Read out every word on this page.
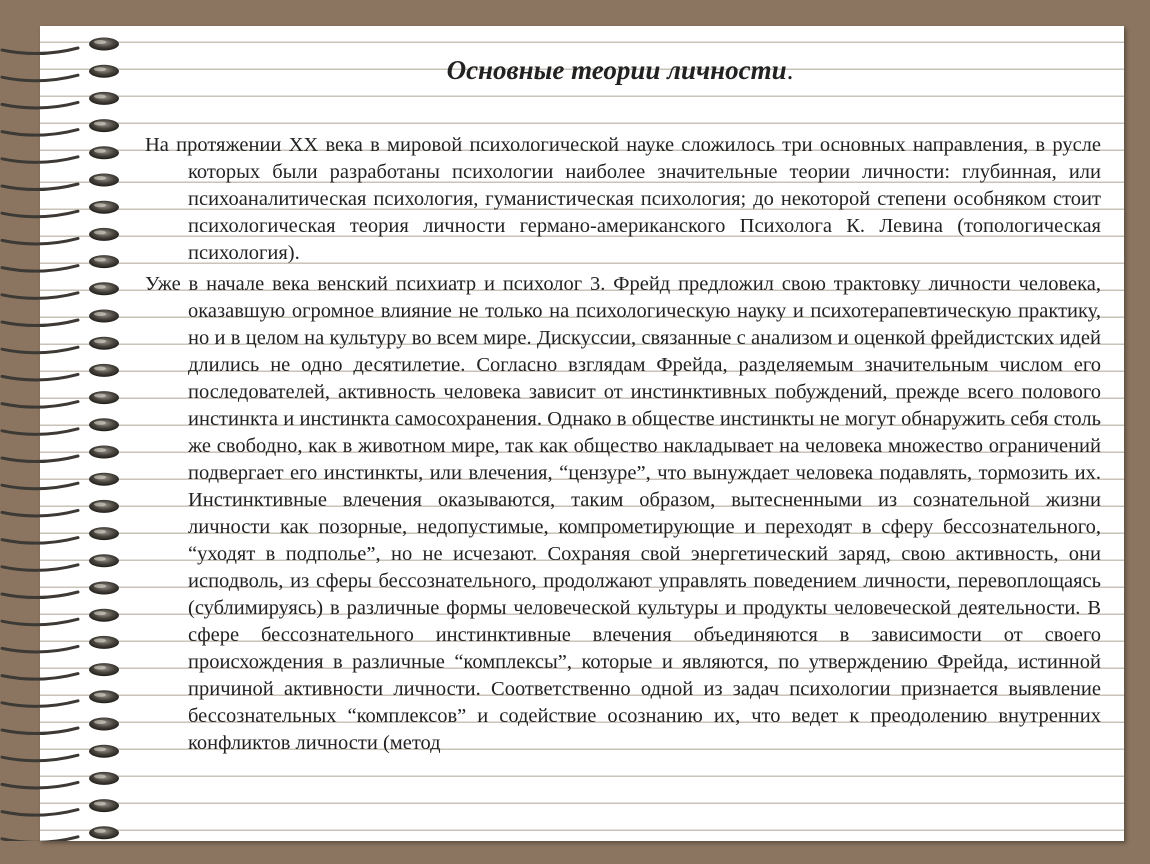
Основные теории личности.

На протяжении XX века в мировой психологической науке сложилось три основных направления, в русле которых были разработаны психологии наиболее значительные теории личности: глубинная, или психоаналитическая психология, гуманистическая психология; до некоторой степени особняком стоит психологическая теория личности германо-американского Психолога К. Левина (топологическая психология).

Уже в начале века венский психиатр и психолог 3. Фрейд предложил свою трактовку личности человека, оказавшую огромное влияние не только на психологическую науку и психотерапевтическую практику, но и в целом на культуру во всем мире. Дискуссии, связанные с анализом и оценкой фрейдистских идей длились не одно десятилетие. Согласно взглядам Фрейда, разделяемым значительным числом его последователей, активность человека зависит от инстинктивных побуждений, прежде всего полового инстинкта и инстинкта самосохранения. Однако в обществе инстинкты не могут обнаружить себя столь же свободно, как в животном мире, так как общество накладывает на человека множество ограничений подвергает его инстинкты, или влечения, “цензуре”, что вынуждает человека подавлять, тормозить их. Инстинктивные влечения оказываются, таким образом, вытесненными из сознательной жизни личности как позорные, недопустимые, компрометирующие и переходят в сферу бессознательного, “уходят в подполье”, но не исчезают. Сохраняя свой энергетический заряд, свою активность, они исподволь, из сферы бессознательного, продолжают управлять поведением личности, перевоплощаясь (сублимируясь) в различные формы человеческой культуры и продукты человеческой деятельности. В сфере бессознательного инстинктивные влечения объединяются в зависимости от своего происхождения в различные “комплексы”, которые и являются, по утверждению Фрейда, истинной причиной активности личности. Соответственно одной из задач психологии признается выявление бессознательных “комплексов” и содействие осознанию их, что ведет к преодолению внутренних конфликтов личности (метод
